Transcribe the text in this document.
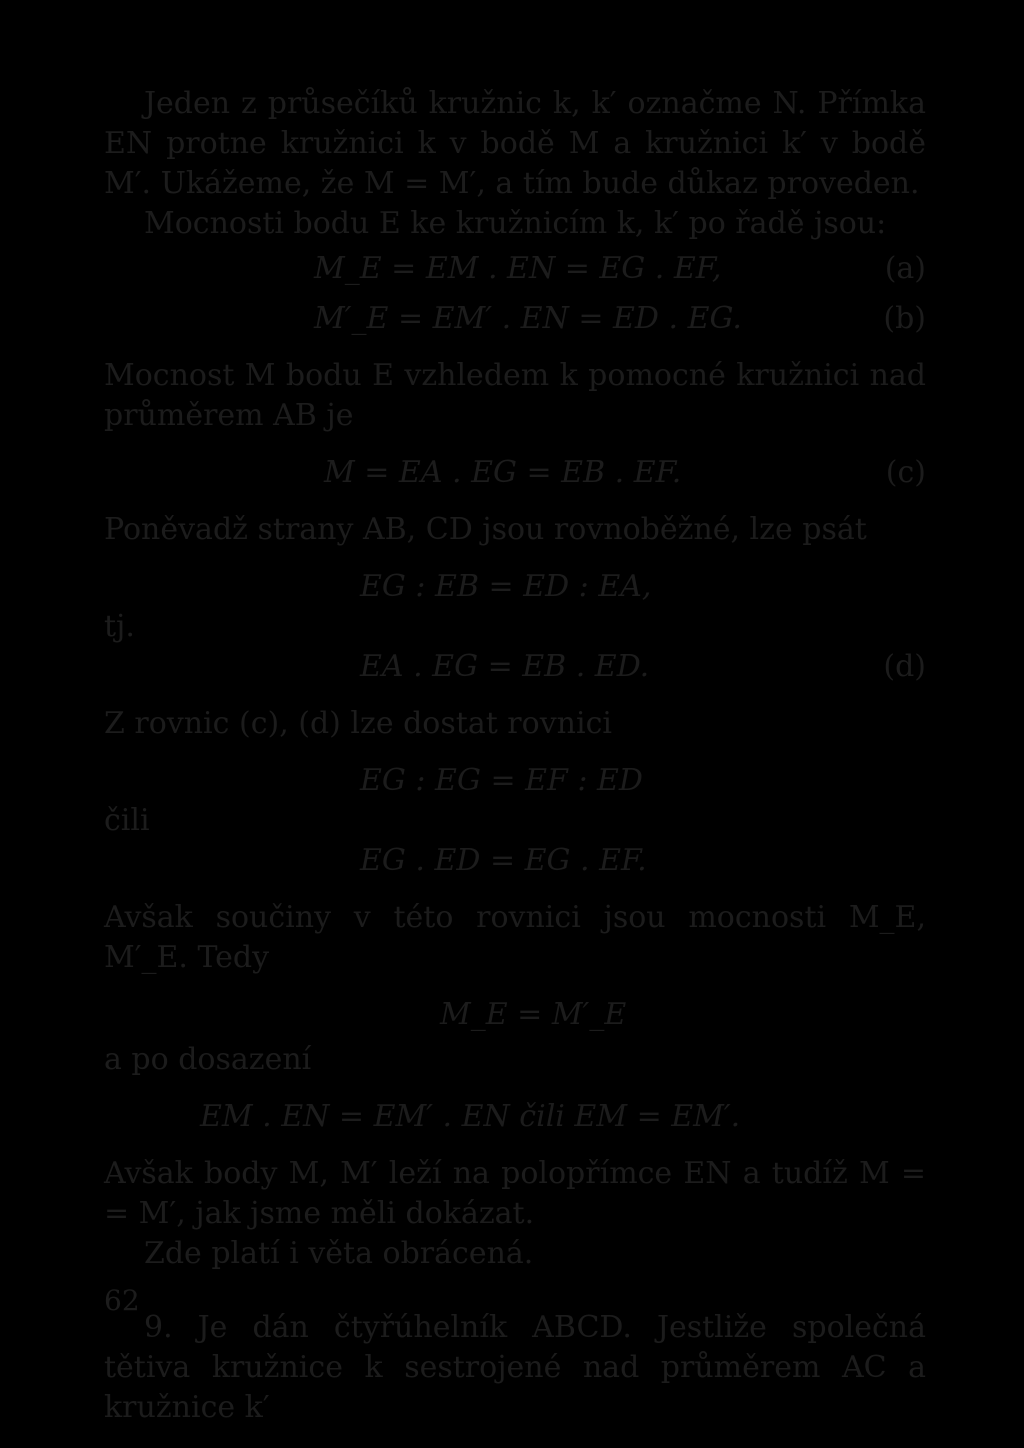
Jeden z průsečíků kružnic k, k′ označme N. Přímka EN protne kružnici k v bodě M a kružnici k′ v bodě M′. Ukážeme, že M = M′, a tím bude důkaz proveden.

Mocnosti bodu E ke kružnicím k, k′ po řadě jsou:

M_E = EM . EN = EG . EF,	(a)
M′_E = EM′ . EN = ED . EG.	(b)

Mocnost M bodu E vzhledem k pomocné kružnici nad průměrem AB je

M = EA . EG = EB . EF.	(c)

Poněvadž strany AB, CD jsou rovnoběžné, lze psát

EG : EB = ED : EA,
tj.
EA . EG = EB . ED.	(d)

Z rovnic (c), (d) lze dostat rovnici

EG : EG = EF : ED
čili
EG . ED = EG . EF.

Avšak součiny v této rovnici jsou mocnosti M_E, M′_E. Tedy

M_E = M′_E

a po dosazení

EM . EN = EM′ . EN čili EM = EM′.

Avšak body M, M′ leží na polopřímce EN a tudíž M = = M′, jak jsme měli dokázat.

Zde platí i věta obrácená.

9. Je dán čtyřúhelník ABCD. Jestliže společná tětiva kružnice k sestrojené nad průměrem AC a kružnice k′

62
